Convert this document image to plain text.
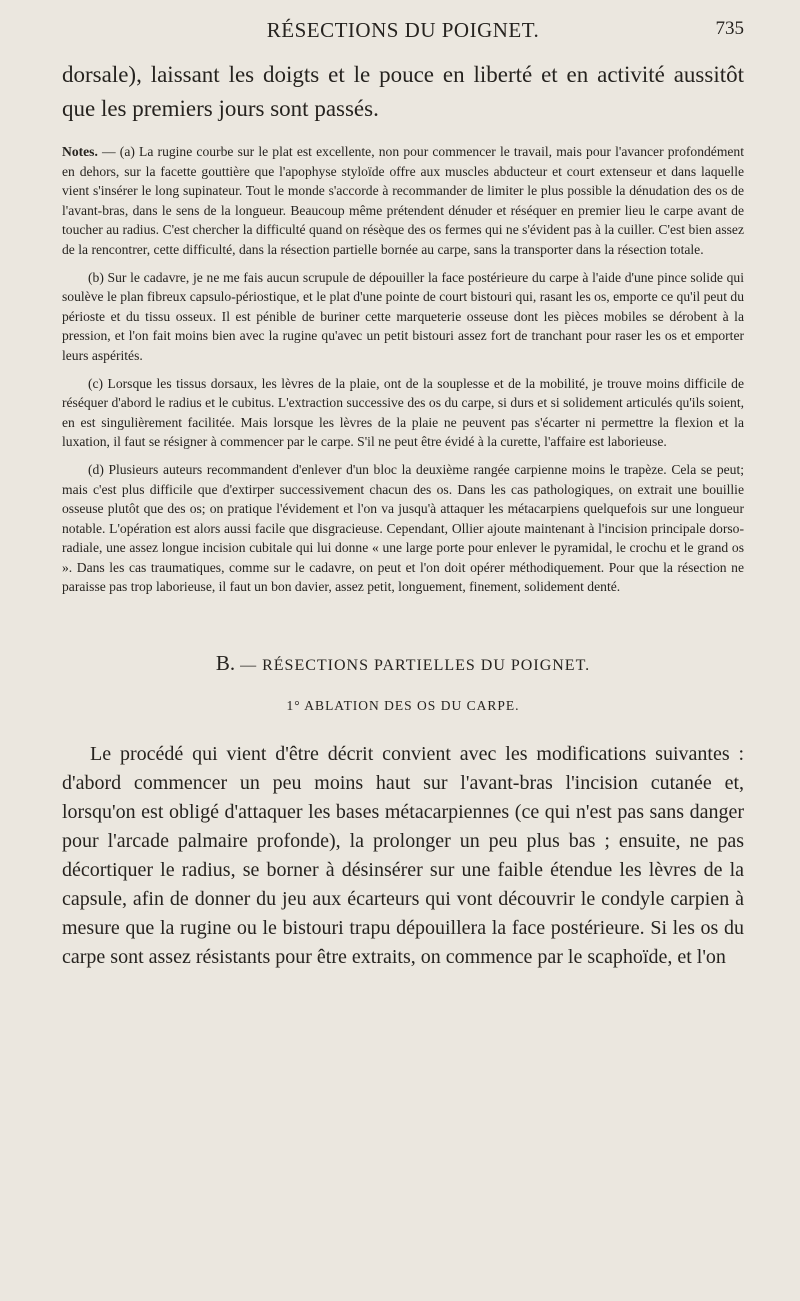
RÉSECTIONS DU POIGNET.	735

dorsale), laissant les doigts et le pouce en liberté et en activité aussitôt que les premiers jours sont passés.

Notes. — (a) La rugine courbe sur le plat est excellente, non pour commencer le travail, mais pour l'avancer profondément en dehors, sur la facette gouttière que l'apophyse styloïde offre aux muscles abducteur et court extenseur et dans laquelle vient s'insérer le long supinateur. Tout le monde s'accorde à recommander de limiter le plus possible la dénudation des os de l'avant-bras, dans le sens de la longueur. Beaucoup même prétendent dénuder et réséquer en premier lieu le carpe avant de toucher au radius. C'est chercher la difficulté quand on résèque des os fermes qui ne s'évident pas à la cuiller. C'est bien assez de la rencontrer, cette difficulté, dans la résection partielle bornée au carpe, sans la transporter dans la résection totale.

(b) Sur le cadavre, je ne me fais aucun scrupule de dépouiller la face postérieure du carpe à l'aide d'une pince solide qui soulève le plan fibreux capsulo-périostique, et le plat d'une pointe de court bistouri qui, rasant les os, emporte ce qu'il peut du périoste et du tissu osseux. Il est pénible de buriner cette marqueterie osseuse dont les pièces mobiles se dérobent à la pression, et l'on fait moins bien avec la rugine qu'avec un petit bistouri assez fort de tranchant pour raser les os et emporter leurs aspérités.

(c) Lorsque les tissus dorsaux, les lèvres de la plaie, ont de la souplesse et de la mobilité, je trouve moins difficile de réséquer d'abord le radius et le cubitus. L'extraction successive des os du carpe, si durs et si solidement articulés qu'ils soient, en est singulièrement facilitée. Mais lorsque les lèvres de la plaie ne peuvent pas s'écarter ni permettre la flexion et la luxation, il faut se résigner à commencer par le carpe. S'il ne peut être évidé à la curette, l'affaire est laborieuse.

(d) Plusieurs auteurs recommandent d'enlever d'un bloc la deuxième rangée carpienne moins le trapèze. Cela se peut; mais c'est plus difficile que d'extirper successivement chacun des os. Dans les cas pathologiques, on extrait une bouillie osseuse plutôt que des os; on pratique l'évidement et l'on va jusqu'à attaquer les métacarpiens quelquefois sur une longueur notable. L'opération est alors aussi facile que disgracieuse. Cependant, Ollier ajoute maintenant à l'incision principale dorso-radiale, une assez longue incision cubitale qui lui donne « une large porte pour enlever le pyramidal, le crochu et le grand os ». Dans les cas traumatiques, comme sur le cadavre, on peut et l'on doit opérer méthodiquement. Pour que la résection ne paraisse pas trop laborieuse, il faut un bon davier, assez petit, longuement, finement, solidement denté.

B. — RÉSECTIONS PARTIELLES DU POIGNET.
1° ABLATION DES OS DU CARPE.

Le procédé qui vient d'être décrit convient avec les modifications suivantes : d'abord commencer un peu moins haut sur l'avant-bras l'incision cutanée et, lorsqu'on est obligé d'attaquer les bases métacarpiennes (ce qui n'est pas sans danger pour l'arcade palmaire profonde), la prolonger un peu plus bas ; ensuite, ne pas décortiquer le radius, se borner à désinsérer sur une faible étendue les lèvres de la capsule, afin de donner du jeu aux écarteurs qui vont découvrir le condyle carpien à mesure que la rugine ou le bistouri trapu dépouillera la face postérieure. Si les os du carpe sont assez résistants pour être extraits, on commence par le scaphoïde, et l'on
